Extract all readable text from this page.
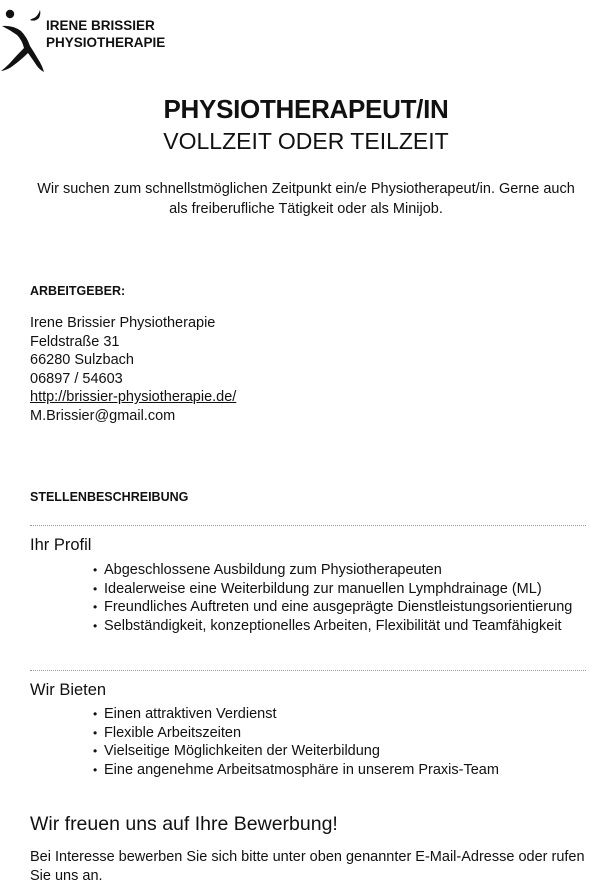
IRENE BRISSIER
PHYSIOTHERAPIE
PHYSIOTHERAPEUT/IN
VOLLZEIT ODER TEILZEIT
Wir suchen zum schnellstmöglichen Zeitpunkt ein/e Physiotherapeut/in. Gerne auch als freiberufliche Tätigkeit oder als Minijob.
ARBEITGEBER:
Irene Brissier Physiotherapie
Feldstraße 31
66280 Sulzbach
06897 / 54603
http://brissier-physiotherapie.de/
M.Brissier@gmail.com
STELLENBESCHREIBUNG
Ihr Profil
• Abgeschlossene Ausbildung zum Physiotherapeuten
• Idealerweise eine Weiterbildung zur manuellen Lymphdrainage (ML)
• Freundliches Auftreten und eine ausgeprägte Dienstleistungsorientierung
• Selbständigkeit, konzeptionelles Arbeiten, Flexibilität und Teamfähigkeit
Wir Bieten
• Einen attraktiven Verdienst
• Flexible Arbeitszeiten
• Vielseitige Möglichkeiten der Weiterbildung
• Eine angenehme Arbeitsatmosphäre in unserem Praxis-Team
Wir freuen uns auf Ihre Bewerbung!
Bei Interesse bewerben Sie sich bitte unter oben genannter E-Mail-Adresse oder rufen Sie uns an.
